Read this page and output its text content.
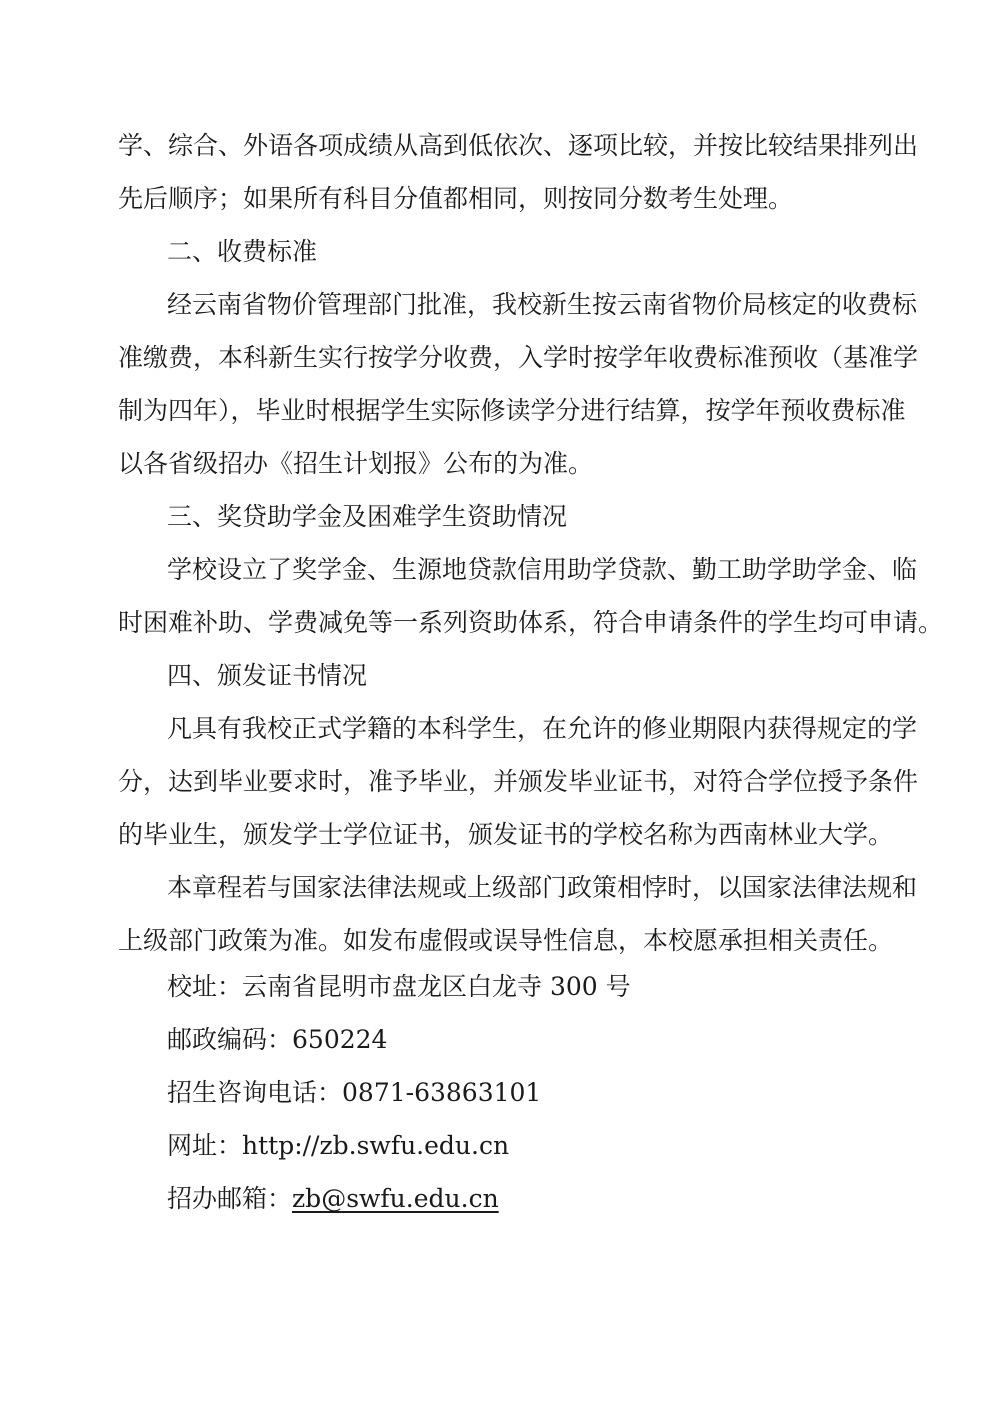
学、综合、外语各项成绩从高到低依次、逐项比较，并按比较结果排列出
先后顺序；如果所有科目分值都相同，则按同分数考生处理。
二、收费标准
经云南省物价管理部门批准，我校新生按云南省物价局核定的收费标
准缴费，本科新生实行按学分收费，入学时按学年收费标准预收（基准学
制为四年），毕业时根据学生实际修读学分进行结算，按学年预收费标准
以各省级招办《招生计划报》公布的为准。
三、奖贷助学金及困难学生资助情况
学校设立了奖学金、生源地贷款信用助学贷款、勤工助学助学金、临
时困难补助、学费减免等一系列资助体系，符合申请条件的学生均可申请。
四、颁发证书情况
凡具有我校正式学籍的本科学生，在允许的修业期限内获得规定的学
分，达到毕业要求时，准予毕业，并颁发毕业证书，对符合学位授予条件
的毕业生，颁发学士学位证书，颁发证书的学校名称为西南林业大学。
本章程若与国家法律法规或上级部门政策相悖时，以国家法律法规和
上级部门政策为准。如发布虚假或误导性信息，本校愿承担相关责任。
校址：云南省昆明市盘龙区白龙寺 300 号
邮政编码：650224
招生咨询电话：0871-63863101
网址：http://zb.swfu.edu.cn
招办邮箱：zb@swfu.edu.cn
